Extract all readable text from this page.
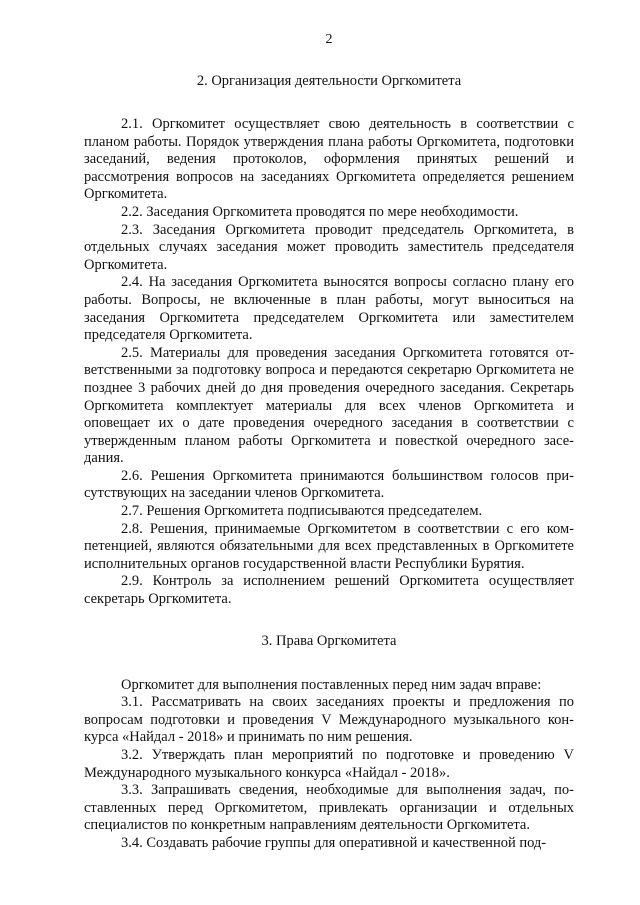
2
2. Организация деятельности Оргкомитета

2.1. Оргкомитет осуществляет свою деятельность в соответствии с планом работы. Порядок утверждения плана работы Оргкомитета, подготовки заседаний, ведения протоколов, оформления принятых решений и рассмотрения вопросов на заседаниях Оргкомитета определяется решением Оргкомитета.

2.2. Заседания Оргкомитета проводятся по мере необходимости.

2.3. Заседания Оргкомитета проводит председатель Оргкомитета, в отдельных случаях заседания может проводить заместитель председателя Оргкомитета.

2.4. На заседания Оргкомитета выносятся вопросы согласно плану его работы. Вопросы, не включенные в план работы, могут выноситься на заседания Оргкомитета председателем Оргкомитета или заместителем председателя Оргкомитета.

2.5. Материалы для проведения заседания Оргкомитета готовятся ответственными за подготовку вопроса и передаются секретарю Оргкомитета не позднее 3 рабочих дней до дня проведения очередного заседания. Секретарь Оргкомитета комплектует материалы для всех членов Оргкомитета и оповещает их о дате проведения очередного заседания в соответствии с утвержденным планом работы Оргкомитета и повесткой очередного заседания.

2.6. Решения Оргкомитета принимаются большинством голосов присутствующих на заседании членов Оргкомитета.

2.7. Решения Оргкомитета подписываются председателем.

2.8. Решения, принимаемые Оргкомитетом в соответствии с его компетенцией, являются обязательными для всех представленных в Оргкомитете исполнительных органов государственной власти Республики Бурятия.

2.9. Контроль за исполнением решений Оргкомитета осуществляет секретарь Оргкомитета.

3. Права Оргкомитета

Оргкомитет для выполнения поставленных перед ним задач вправе:

3.1. Рассматривать на своих заседаниях проекты и предложения по вопросам подготовки и проведения V Международного музыкального конкурса «Найдал - 2018» и принимать по ним решения.

3.2. Утверждать план мероприятий по подготовке и проведению V Международного музыкального конкурса «Найдал - 2018».

3.3. Запрашивать сведения, необходимые для выполнения задач, поставленных перед Оргкомитетом, привлекать организации и отдельных специалистов по конкретным направлениям деятельности Оргкомитета.

3.4. Создавать рабочие группы для оперативной и качественной под-
